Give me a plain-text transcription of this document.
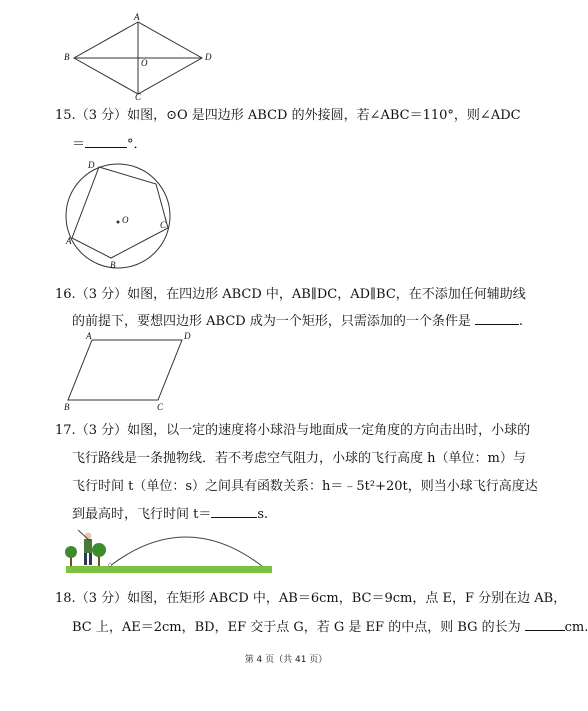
A
B
C
D
O
15.（3 分）如图，⊙O 是四边形 ABCD 的外接圆，若∠ABC＝110°，则∠ADC
＝	°．
D
C
B
A
O
16.（3 分）如图，在四边形 ABCD 中，AB∥DC，AD∥BC，在不添加任何辅助线
的前提下，要想四边形 ABCD 成为一个矩形，只需添加的一个条件是	.
A	D
B	C
17.（3 分）如图，以一定的速度将小球沿与地面成一定角度的方向击出时，小球的
飞行路线是一条抛物线．若不考虑空气阻力，小球的飞行高度 h（单位：m）与
飞行时间 t（单位：s）之间具有函数关系：h＝﹣5t²+20t，则当小球飞行高度达
到最高时，飞行时间 t＝	s.
18.（3 分）如图，在矩形 ABCD 中，AB＝6cm，BC＝9cm，点 E，F 分别在边 AB，
BC 上，AE＝2cm，BD，EF 交于点 G，若 G 是 EF 的中点，则 BG 的长为	cm.
第 4 页（共 41 页）
